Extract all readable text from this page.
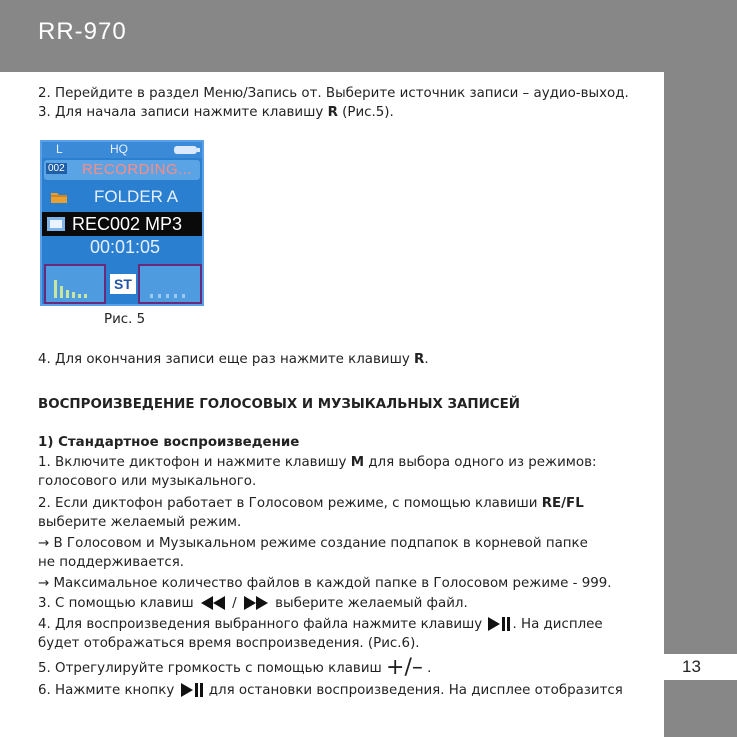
RR-970
Ritmix
13
2. Перейдите в раздел Меню/Запись от. Выберите источник записи – аудио-выход.
3. Для начала записи нажмите клавишу R (Рис.5).
4. Для окончания записи еще раз нажмите клавишу R.
ВОСПРОИЗВЕДЕНИЕ ГОЛОСОВЫХ И МУЗЫКАЛЬНЫХ ЗАПИСЕЙ
1) Стандартное воспроизведение
1. Включите диктофон и нажмите клавишу M для выбора одного из режимов:
голосового или музыкального.
2. Если диктофон работает в Голосовом режиме, с помощью клавиши RE/FL
выберите желаемый режим.
→ В Голосовом и Музыкальном режиме создание подпапок в корневой папке
не поддерживается.
→ Максимальное количество файлов в каждой папке в Голосовом режиме - 999.
3. С помощью клавиш  /  выберите желаемый файл.
4. Для воспроизведения выбранного файла нажмите клавишу . На дисплее
будет отображаться время воспроизведения. (Рис.6).
5. Отрегулируйте громкость с помощью клавиш +/– .
6. Нажмите кнопку  для остановки воспроизведения. На дисплее отобразится
L	HQ
002 RECORDING...
FOLDER A
REC002 MP3
00:01:05
ST
Рис. 5
